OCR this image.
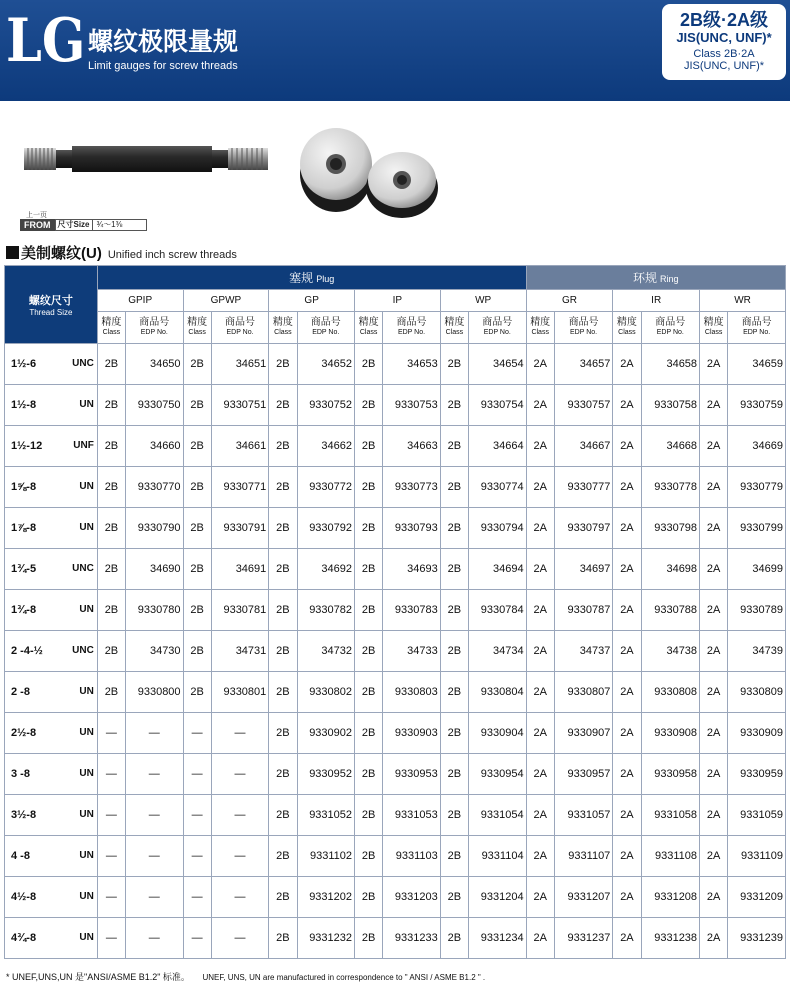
LG 螺纹极限量规
Limit gauges for screw threads
2B级·2A级
JIS(UNC, UNF)*
Class 2B·2A
JIS(UNC, UNF)*
上一页
FROM 尺寸Size ¾～1⅜
美制螺纹(U) Unified inch screw threads
螺纹尺寸
Thread Size	塞规 Plug										环规 Ring					
	GPIP		GPWP		GP		IP		WP		GR		IR		WR	

	精度
Class	商品号
EDP No.	精度
Class	商品号
EDP No.	精度
Class	商品号
EDP No.	精度
Class	商品号
EDP No.	精度
Class	商品号
EDP No.	精度
Class	商品号
EDP No.	精度
Class	商品号
EDP No.	精度
Class	商品号
EDP No.

1½-6 UNC	2B	34650	2B	34651	2B	34652	2B	34653	2B	34654	2A	34657	2A	34658	2A	34659
1½-8 UN	2B	9330750	2B	9330751	2B	9330752	2B	9330753	2B	9330754	2A	9330757	2A	9330758	2A	9330759
1½-12 UNF	2B	34660	2B	34661	2B	34662	2B	34663	2B	34664	2A	34667	2A	34668	2A	34669
1⅝-8 UN	2B	9330770	2B	9330771	2B	9330772	2B	9330773	2B	9330774	2A	9330777	2A	9330778	2A	9330779
1⅞-8 UN	2B	9330790	2B	9330791	2B	9330792	2B	9330793	2B	9330794	2A	9330797	2A	9330798	2A	9330799
1¾-5 UNC	2B	34690	2B	34691	2B	34692	2B	34693	2B	34694	2A	34697	2A	34698	2A	34699
1¾-8 UN	2B	9330780	2B	9330781	2B	9330782	2B	9330783	2B	9330784	2A	9330787	2A	9330788	2A	9330789
2 -4-½ UNC	2B	34730	2B	34731	2B	34732	2B	34733	2B	34734	2A	34737	2A	34738	2A	34739
2 -8 UN	2B	9330800	2B	9330801	2B	9330802	2B	9330803	2B	9330804	2A	9330807	2A	9330808	2A	9330809
2½-8 UN	—	—	—	—	2B	9330902	2B	9330903	2B	9330904	2A	9330907	2A	9330908	2A	9330909
3 -8 UN	—	—	—	—	2B	9330952	2B	9330953	2B	9330954	2A	9330957	2A	9330958	2A	9330959
3½-8 UN	—	—	—	—	2B	9331052	2B	9331053	2B	9331054	2A	9331057	2A	9331058	2A	9331059
4 -8 UN	—	—	—	—	2B	9331102	2B	9331103	2B	9331104	2A	9331107	2A	9331108	2A	9331109
4½-8 UN	—	—	—	—	2B	9331202	2B	9331203	2B	9331204	2A	9331207	2A	9331208	2A	9331209
4¾-8 UN	—	—	—	—	2B	9331232	2B	9331233	2B	9331234	2A	9331237	2A	9331238	2A	9331239
* UNEF,UNS,UN 是"ANSI/ASME B1.2" 标准。 UNEF, UNS, UN are manufactured in correspondence to " ANSI / ASME B1.2 " .
